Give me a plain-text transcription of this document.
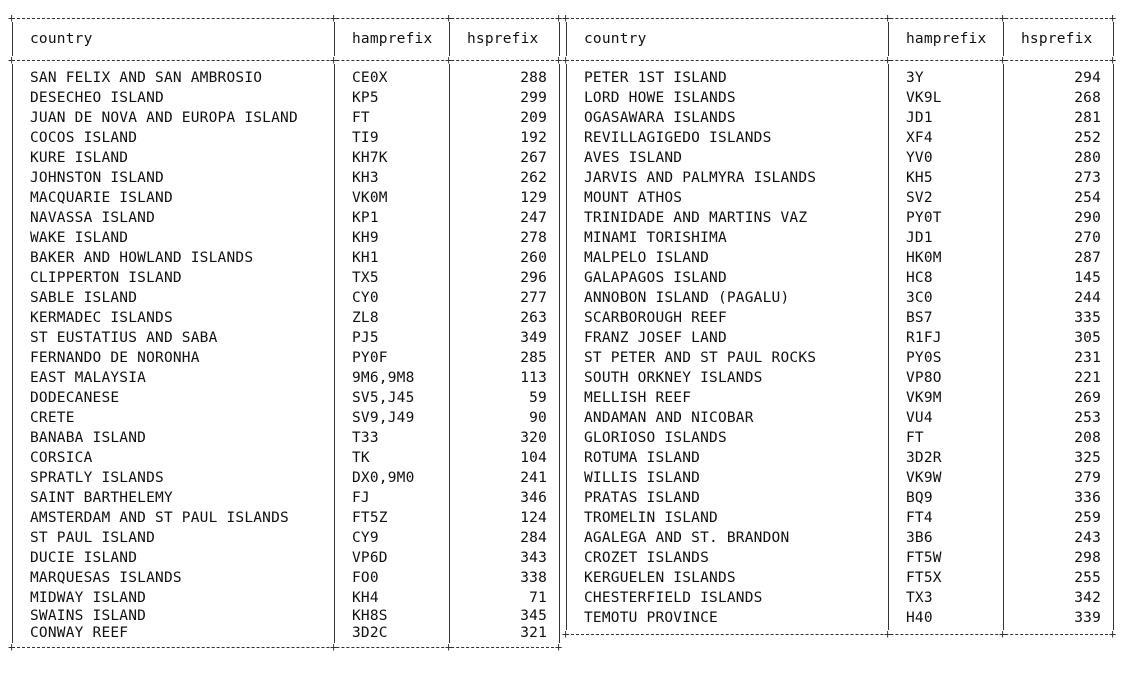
+	+	+	+
+	+	+	+
+	+	+	+
country	hamprefix hsprefix
SAN FELIX AND SAN AMBROSIO	CE0X	288
DESECHEO ISLAND	KP5	299
JUAN DE NOVA AND EUROPA ISLAND	FT	209
COCOS ISLAND	TI9	192
KURE ISLAND	KH7K	267
JOHNSTON ISLAND	KH3	262
MACQUARIE ISLAND	VK0M	129
NAVASSA ISLAND	KP1	247
WAKE ISLAND	KH9	278
BAKER AND HOWLAND ISLANDS	KH1	260
CLIPPERTON ISLAND	TX5	296
SABLE ISLAND	CY0	277
KERMADEC ISLANDS	ZL8	263
ST EUSTATIUS AND SABA	PJ5	349
FERNANDO DE NORONHA	PY0F	285
EAST MALAYSIA	9M6,9M8	113
DODECANESE	SV5,J45	59
CRETE	SV9,J49	90
BANABA ISLAND	T33	320
CORSICA	TK	104
SPRATLY ISLANDS	DX0,9M0	241
SAINT BARTHELEMY	FJ	346
AMSTERDAM AND ST PAUL ISLANDS	FT5Z	124
ST PAUL ISLAND	CY9	284
DUCIE ISLAND	VP6D	343
MARQUESAS ISLANDS	FO0	338
MIDWAY ISLAND	KH4	71
SWAINS ISLAND	KH8S	345
CONWAY REEF	3D2C	321
+	+	+	+
+	+	+	+
+	+	+	+
country	hamprefix hsprefix
PETER 1ST ISLAND	3Y	294
LORD HOWE ISLANDS	VK9L	268
OGASAWARA ISLANDS	JD1	281
REVILLAGIGEDO ISLANDS	XF4	252
AVES ISLAND	YV0	280
JARVIS AND PALMYRA ISLANDS	KH5	273
MOUNT ATHOS	SV2	254
TRINIDADE AND MARTINS VAZ	PY0T	290
MINAMI TORISHIMA	JD1	270
MALPELO ISLAND	HK0M	287
GALAPAGOS ISLAND	HC8	145
ANNOBON ISLAND (PAGALU)	3C0	244
SCARBOROUGH REEF	BS7	335
FRANZ JOSEF LAND	R1FJ	305
ST PETER AND ST PAUL ROCKS	PY0S	231
SOUTH ORKNEY ISLANDS	VP8O	221
MELLISH REEF	VK9M	269
ANDAMAN AND NICOBAR	VU4	253
GLORIOSO ISLANDS	FT	208
ROTUMA ISLAND	3D2R	325
WILLIS ISLAND	VK9W	279
PRATAS ISLAND	BQ9	336
TROMELIN ISLAND	FT4	259
AGALEGA AND ST. BRANDON	3B6	243
CROZET ISLANDS	FT5W	298
KERGUELEN ISLANDS	FT5X	255
CHESTERFIELD ISLANDS	TX3	342
TEMOTU PROVINCE	H40	339
